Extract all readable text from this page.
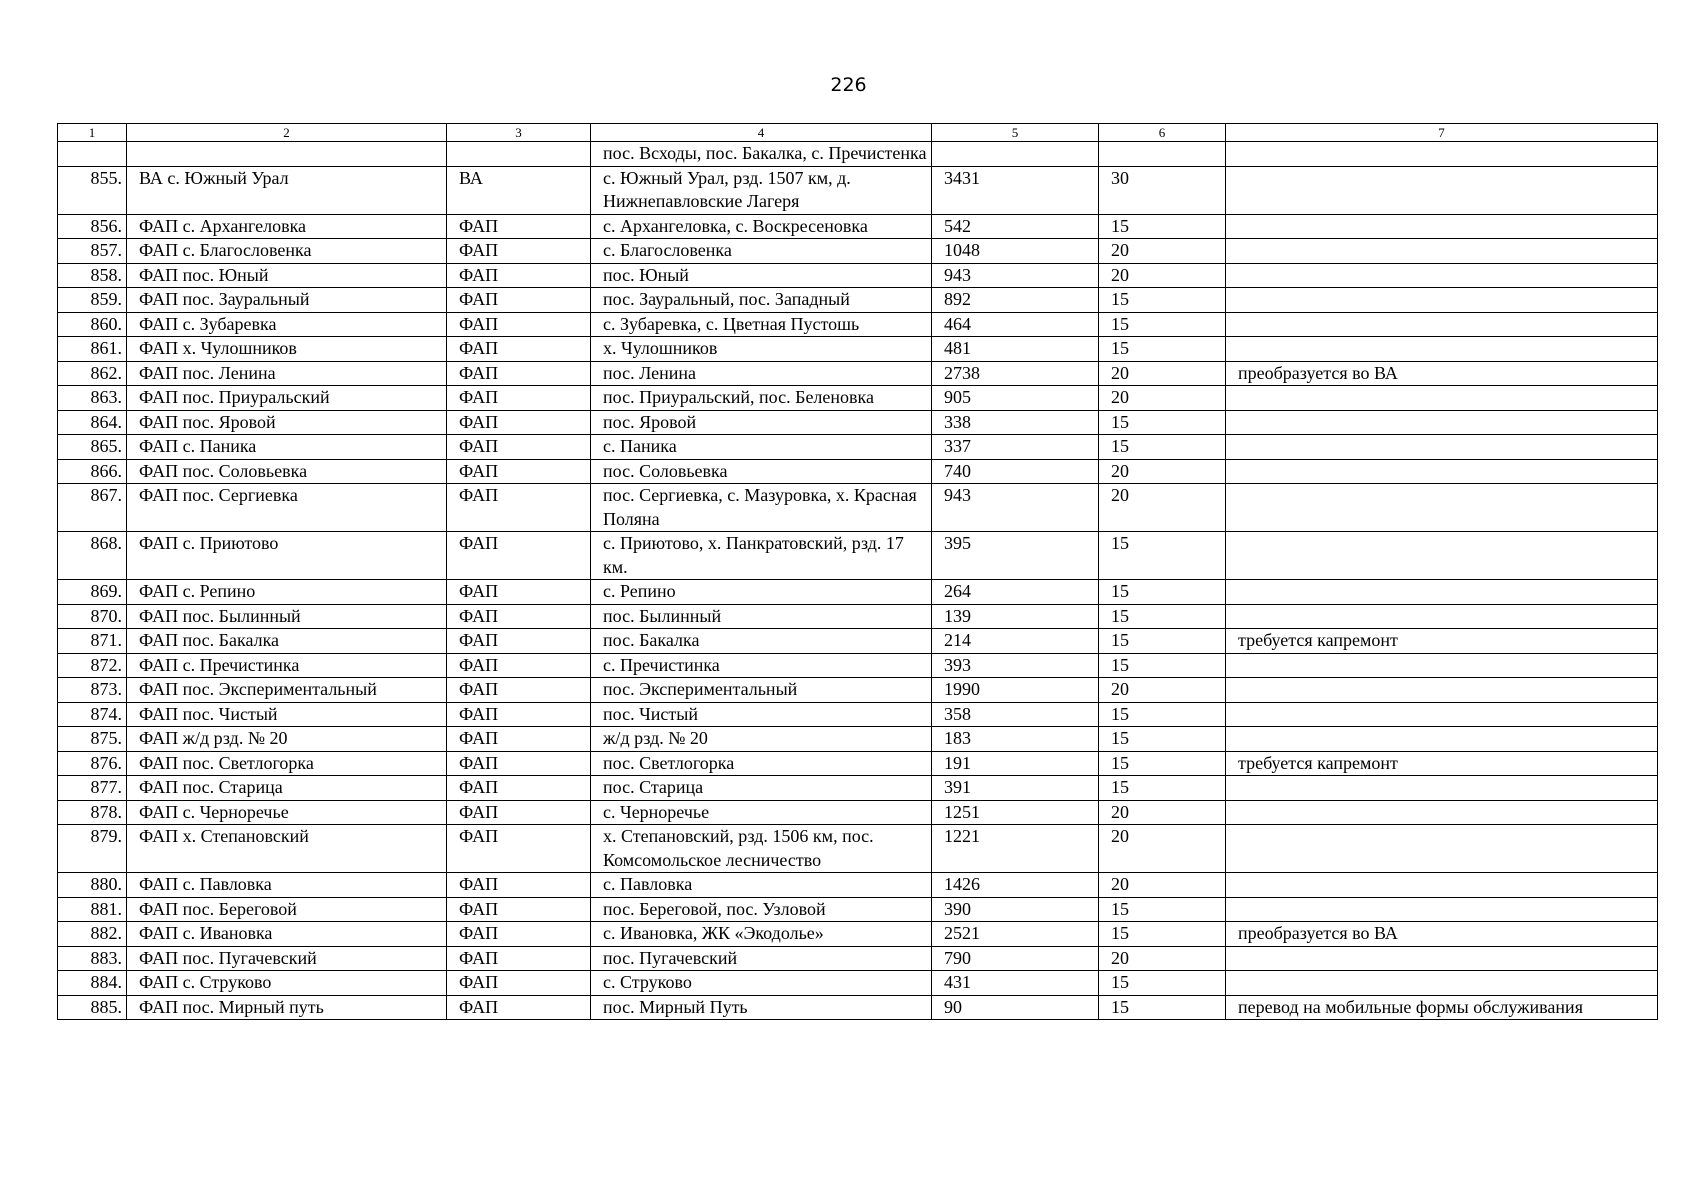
226
1	2	3	4	5	6	7
			пос. Всходы, пос. Бакалка, с. Пречистенка			
855.	ВА с. Южный Урал	ВА	с. Южный Урал, рзд. 1507 км, д. Нижнепавловские Лагеря	3431	30	
856.	ФАП с. Архангеловка	ФАП	с. Архангеловка, с. Воскресеновка	542	15	
857.	ФАП с. Благословенка	ФАП	с. Благословенка	1048	20	
858.	ФАП пос. Юный	ФАП	пос. Юный	943	20	
859.	ФАП пос. Зауральный	ФАП	пос. Зауральный, пос. Западный	892	15	
860.	ФАП с. Зубаревка	ФАП	с. Зубаревка, с. Цветная Пустошь	464	15	
861.	ФАП х. Чулошников	ФАП	х. Чулошников	481	15	
862.	ФАП пос. Ленина	ФАП	пос. Ленина	2738	20	преобразуется во ВА
863.	ФАП пос. Приуральский	ФАП	пос. Приуральский, пос. Беленовка	905	20	
864.	ФАП пос. Яровой	ФАП	пос. Яровой	338	15	
865.	ФАП с. Паника	ФАП	с. Паника	337	15	
866.	ФАП пос. Соловьевка	ФАП	пос. Соловьевка	740	20	
867.	ФАП пос. Сергиевка	ФАП	пос. Сергиевка, с. Мазуровка, х. Красная Поляна	943	20	
868.	ФАП с. Приютово	ФАП	с. Приютово, х. Панкратовский, рзд. 17 км.	395	15	
869.	ФАП с. Репино	ФАП	с. Репино	264	15	
870.	ФАП пос. Былинный	ФАП	пос. Былинный	139	15	
871.	ФАП пос. Бакалка	ФАП	пос. Бакалка	214	15	требуется капремонт
872.	ФАП с. Пречистинка	ФАП	с. Пречистинка	393	15	
873.	ФАП пос. Экспериментальный	ФАП	пос. Экспериментальный	1990	20	
874.	ФАП пос. Чистый	ФАП	пос. Чистый	358	15	
875.	ФАП ж/д рзд. № 20	ФАП	ж/д рзд. № 20	183	15	
876.	ФАП пос. Светлогорка	ФАП	пос. Светлогорка	191	15	требуется капремонт
877.	ФАП пос. Старица	ФАП	пос. Старица	391	15	
878.	ФАП с. Черноречье	ФАП	с. Черноречье	1251	20	
879.	ФАП х. Степановский	ФАП	х. Степановский, рзд. 1506 км, пос. Комсомольское лесничество	1221	20	
880.	ФАП с. Павловка	ФАП	с. Павловка	1426	20	
881.	ФАП пос. Береговой	ФАП	пос. Береговой, пос. Узловой	390	15	
882.	ФАП с. Ивановка	ФАП	с. Ивановка, ЖК «Экодолье»	2521	15	преобразуется во ВА
883.	ФАП пос. Пугачевский	ФАП	пос. Пугачевский	790	20	
884.	ФАП с. Струково	ФАП	с. Струково	431	15	
885.	ФАП пос. Мирный путь	ФАП	пос. Мирный Путь	90	15	перевод на мобильные формы обслуживания
